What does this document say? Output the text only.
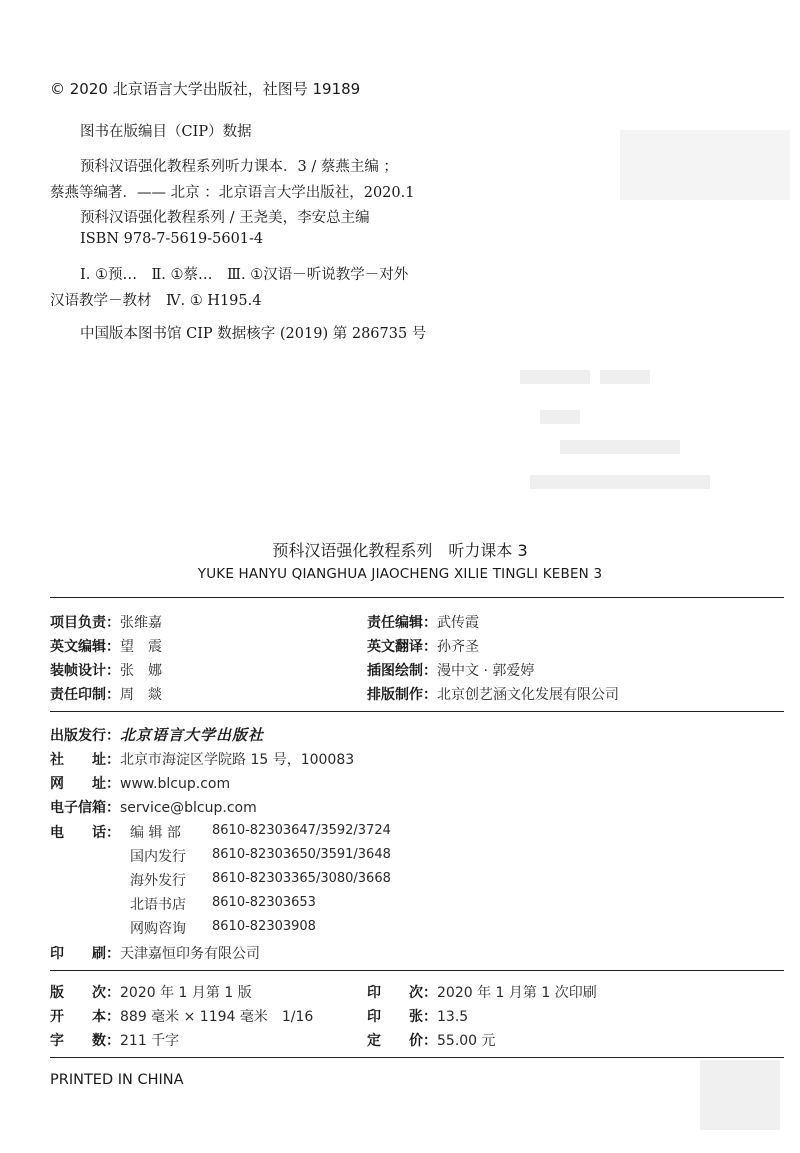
© 2020 北京语言大学出版社，社图号 19189
图书在版编目（CIP）数据
预科汉语强化教程系列听力课本．3 / 蔡燕主编 ；
蔡燕等编著．—— 北京 ：北京语言大学出版社，2020.1
预科汉语强化教程系列 / 王尧美，李安总主编
ISBN 978-7-5619-5601-4
Ⅰ. ①预…　Ⅱ. ①蔡…　Ⅲ. ①汉语－听说教学－对外
汉语教学－教材　Ⅳ. ① H195.4
中国版本图书馆 CIP 数据核字 (2019) 第 286735 号
预科汉语强化教程系列　听力课本 3
YUKE HANYU QIANGHUA JIAOCHENG XILIE TINGLI KEBEN 3
项目负责：张维嘉	责任编辑：武传霞
英文编辑：望　震	英文翻译：孙齐圣
装帧设计：张　娜	插图绘制：漫中文 · 郭爱婷
责任印制：周　燚	排版制作：北京创艺涵文化发展有限公司
出版发行：北京语言大学出版社
社　　址：北京市海淀区学院路 15 号，100083
网　　址：www.blcup.com
电子信箱：service@blcup.com
电　　话： 编 辑 部 8610-82303647/3592/3724
国内发行 8610-82303650/3591/3648
海外发行 8610-82303365/3080/3668
北语书店 8610-82303653
网购咨询 8610-82303908
印　　刷：天津嘉恒印务有限公司
版　　次：2020 年 1 月第 1 版	印　　次：2020 年 1 月第 1 次印刷
开　　本：889 毫米 × 1194 毫米　1/16	印　　张：13.5
字　　数：211 千字	定　　价：55.00 元
PRINTED IN CHINA
